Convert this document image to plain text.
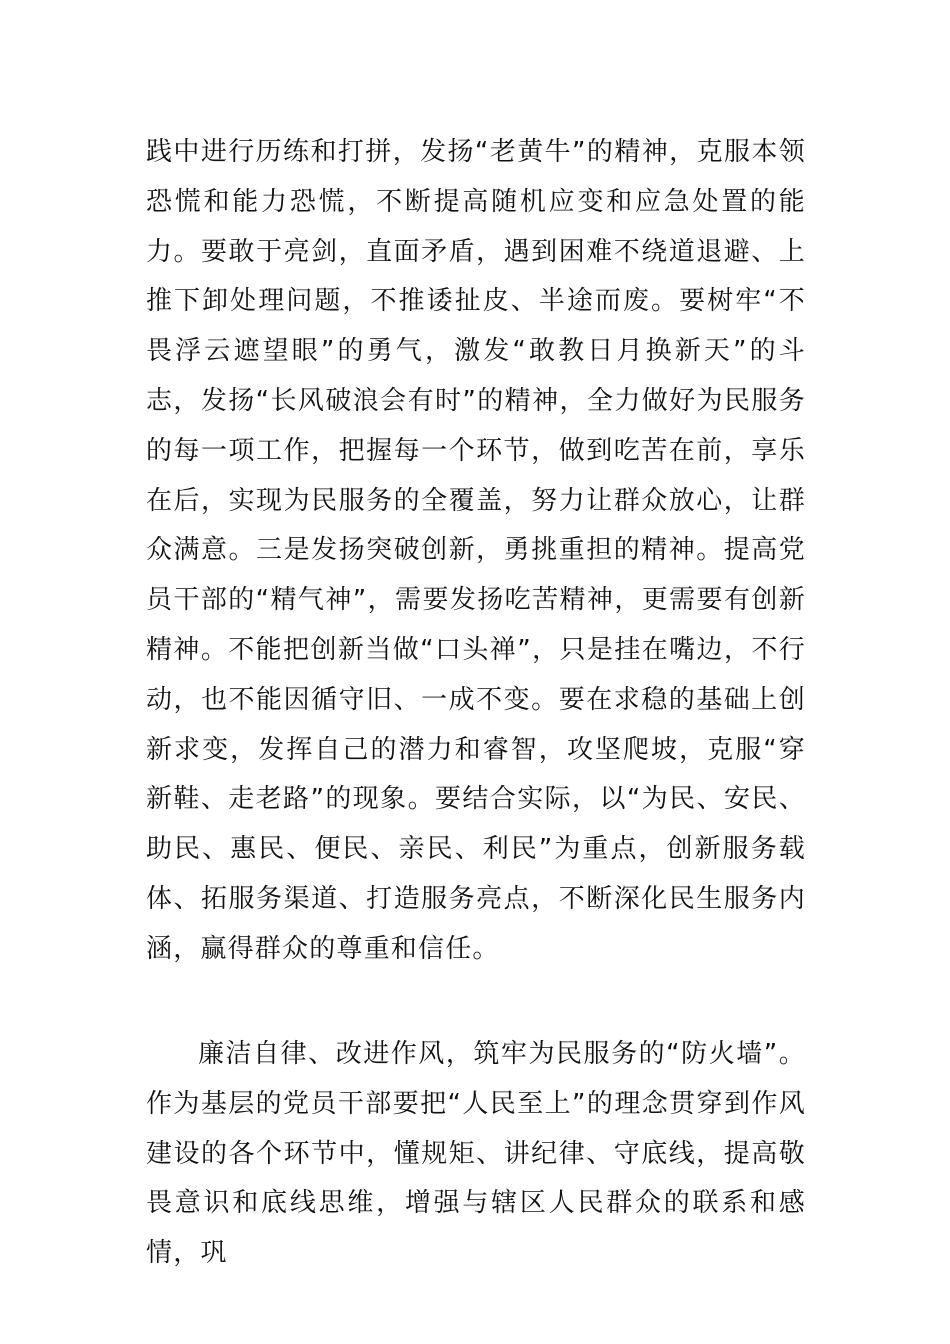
践中进行历练和打拼，发扬“老黄牛”的精神，克服本领恐慌和能力恐慌，不断提高随机应变和应急处置的能力。要敢于亮剑，直面矛盾，遇到困难不绕道退避、上推下卸处理问题，不推诿扯皮、半途而废。要树牢“不畏浮云遮望眼”的勇气，激发“敢教日月换新天”的斗志，发扬“长风破浪会有时”的精神，全力做好为民服务的每一项工作，把握每一个环节，做到吃苦在前，享乐在后，实现为民服务的全覆盖，努力让群众放心，让群众满意。三是发扬突破创新，勇挑重担的精神。提高党员干部的“精气神”，需要发扬吃苦精神，更需要有创新精神。不能把创新当做“口头禅”，只是挂在嘴边，不行动，也不能因循守旧、一成不变。要在求稳的基础上创新求变，发挥自己的潜力和睿智，攻坚爬坡，克服“穿新鞋、走老路”的现象。要结合实际，以“为民、安民、助民、惠民、便民、亲民、利民”为重点，创新服务载体、拓服务渠道、打造服务亮点，不断深化民生服务内涵，赢得群众的尊重和信任。

廉洁自律、改进作风，筑牢为民服务的“防火墙”。作为基层的党员干部要把“人民至上”的理念贯穿到作风建设的各个环节中，懂规矩、讲纪律、守底线，提高敬畏意识和底线思维，增强与辖区人民群众的联系和感情，巩
